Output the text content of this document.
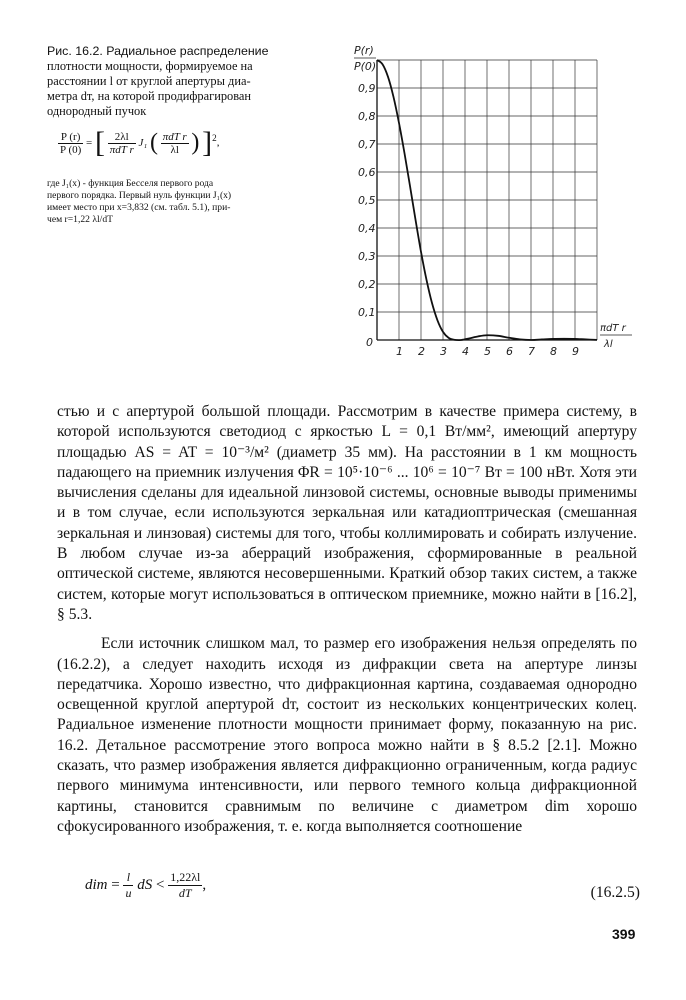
Рис. 16.2. Радиальное распределение
плотности мощности, формируемое на
расстоянии l от круглой апертуры диа-
метра dт, на которой продифрагирован
однородный пучок
$\frac{P (r)}{P (0)}$ = [ $\frac{2\lambda l}{\text{πdT r}} J_1$ ( $\frac{\text{πdT r}}{\lambda l}$ ) ]$^2$,
где J₁(x) - функция Бесселя первого рода
первого порядка. Первый нуль функции J₁(x)
имеет место при x=3,832 (см. табл. 5.1), при-
чем r=1,22 λl/dT
0
0,1
0,2
0,3
0,4
0,5
0,6
0,7
0,8
0,9
1 2 3 4 5 6 7 8 9
P(r)
P(0)
πdT r
λl

стью и с апертурой большой площади. Рассмотрим в качестве примера систему, в которой используются светодиод с яркостью L = 0,1 Вт/мм², имеющий апертуру площадью AS = AT = 10⁻³/м² (диаметр 35 мм). На расстоянии в 1 км мощность падающего на приемник излучения ΦR = 10⁵·10⁻⁶ ... 10⁶ = 10⁻⁷ Вт = 100 нВт. Хотя эти вычисления сделаны для идеальной линзовой системы, основные выводы применимы и в том случае, если используются зеркальная или катадиоптрическая (смешанная зеркальная и линзовая) системы для того, чтобы коллимировать и собирать излучение. В любом случае из-за аберраций изображения, сформированные в реальной оптической системе, являются несовершенными. Краткий обзор таких систем, а также систем, которые могут использоваться в оптическом приемнике, можно найти в [16.2], § 5.3.

Если источник слишком мал, то размер его изображения нельзя определять по (16.2.2), а следует находить исходя из дифракции света на апертуре линзы передатчика. Хорошо известно, что дифракционная картина, создаваемая однородно освещенной круглой апертурой dт, состоит из нескольких концентрических колец. Радиальное изменение плотности мощности принимает форму, показанную на рис. 16.2. Детальное рассмотрение этого вопроса можно найти в § 8.5.2 [2.1]. Можно сказать, что размер изображения является дифракционно ограниченным, когда радиус первого минимума интенсивности, или первого темного кольца дифракционной картины, становится сравнимым по величине с диаметром dim хорошо сфокусированного изображения, т. е. когда выполняется соотношение

dim = $\frac{l}{u}$ dS < $\frac{1,22\lambda l}{dT}$ ,	(16.2.5)
399
